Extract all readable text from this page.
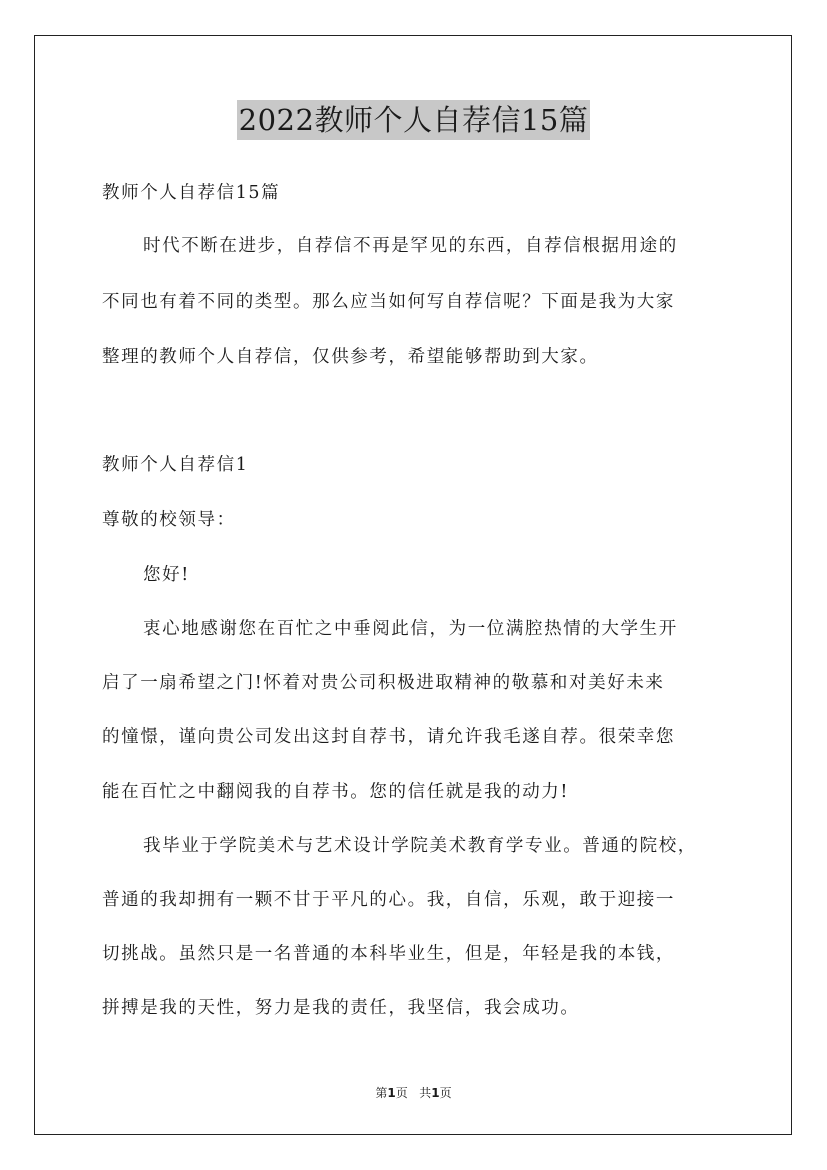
2022教师个人自荐信15篇
教师个人自荐信15篇
时代不断在进步，自荐信不再是罕见的东西，自荐信根据用途的
不同也有着不同的类型。那么应当如何写自荐信呢？下面是我为大家
整理的教师个人自荐信，仅供参考，希望能够帮助到大家。
教师个人自荐信1
尊敬的校领导：
您好!
衷心地感谢您在百忙之中垂阅此信，为一位满腔热情的大学生开
启了一扇希望之门!怀着对贵公司积极进取精神的敬慕和对美好未来
的憧憬，谨向贵公司发出这封自荐书，请允许我毛遂自荐。很荣幸您
能在百忙之中翻阅我的自荐书。您的信任就是我的动力!
我毕业于学院美术与艺术设计学院美术教育学专业。普通的院校，
普通的我却拥有一颗不甘于平凡的心。我，自信，乐观，敢于迎接一
切挑战。虽然只是一名普通的本科毕业生，但是，年轻是我的本钱，
拼搏是我的天性，努力是我的责任，我坚信，我会成功。
第1页   共1页
